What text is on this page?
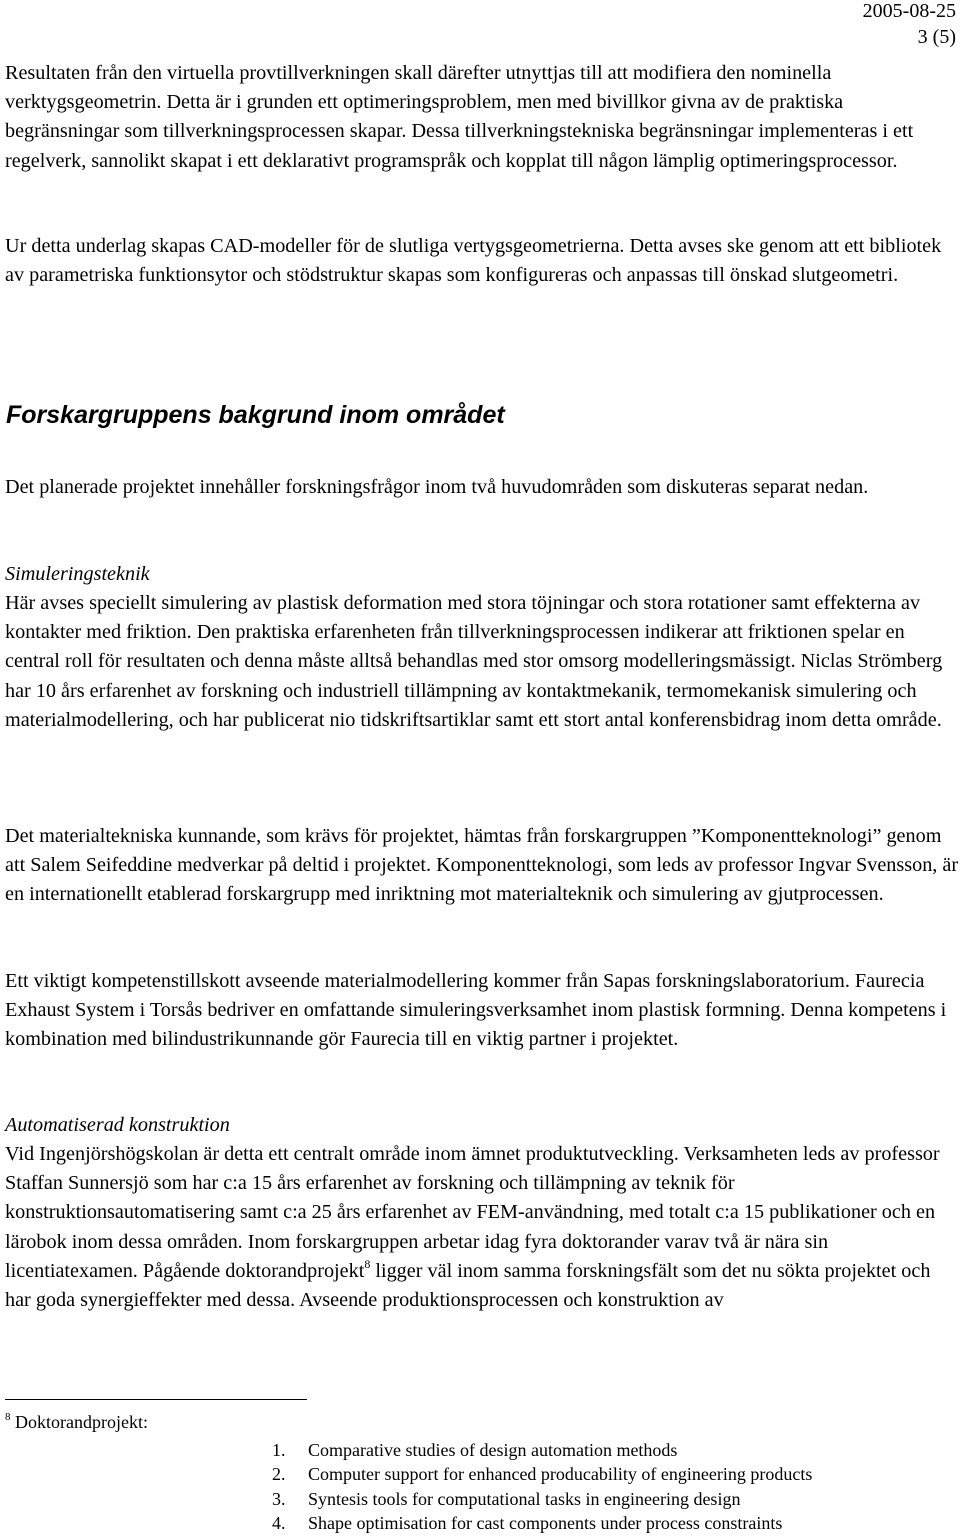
2005-08-25
3 (5)

Resultaten från den virtuella provtillverkningen skall därefter utnyttjas till att modifiera den nominella verktygsgeometrin. Detta är i grunden ett optimeringsproblem, men med bivillkor givna av de praktiska begränsningar som tillverkningsprocessen skapar. Dessa tillverkningstekniska begränsningar implementeras i ett regelverk, sannolikt skapat i ett deklarativt programspråk och kopplat till någon lämplig optimeringsprocessor.

Ur detta underlag skapas CAD-modeller för de slutliga vertygsgeometrierna. Detta avses ske genom att ett bibliotek av parametriska funktionsytor och stödstruktur skapas som konfigureras och anpassas till önskad slutgeometri.

Forskargruppens bakgrund inom området

Det planerade projektet innehåller forskningsfrågor inom två huvudområden som diskuteras separat nedan.

Simuleringsteknik

Här avses speciellt simulering av plastisk deformation med stora töjningar och stora rotationer samt effekterna av kontakter med friktion. Den praktiska erfarenheten från tillverkningsprocessen indikerar att friktionen spelar en central roll för resultaten och denna måste alltså behandlas med stor omsorg modelleringsmässigt. Niclas Strömberg har 10 års erfarenhet av forskning och industriell tillämpning av kontaktmekanik, termomekanisk simulering och materialmodellering, och har publicerat nio tidskriftsartiklar samt ett stort antal konferensbidrag inom detta område.

Det materialtekniska kunnande, som krävs för projektet, hämtas från forskargruppen ”Komponentteknologi” genom att Salem Seifeddine medverkar på deltid i projektet. Komponentteknologi, som leds av professor Ingvar Svensson, är en internationellt etablerad forskargrupp med inriktning mot materialteknik och simulering av gjutprocessen.

Ett viktigt kompetenstillskott avseende materialmodellering kommer från Sapas forskningslaboratorium. Faurecia Exhaust System i Torsås bedriver en omfattande simuleringsverksamhet inom plastisk formning. Denna kompetens i kombination med bilindustrikunnande gör Faurecia till en viktig partner i projektet.

Automatiserad konstruktion

Vid Ingenjörshögskolan är detta ett centralt område inom ämnet produktutveckling. Verksamheten leds av professor Staffan Sunnersjö som har c:a 15 års erfarenhet av forskning och tillämpning av teknik för konstruktionsautomatisering samt c:a 25 års erfarenhet av FEM-användning, med totalt c:a 15 publikationer och en lärobok inom dessa områden. Inom forskargruppen arbetar idag fyra doktorander varav två är nära sin licentiatexamen. Pågående doktorandprojekt$^8$ ligger väl inom samma forskningsfält som det nu sökta projektet och har goda synergieffekter med dessa. Avseende produktionsprocessen och konstruktion av

$^8$ Doktorandprojekt:

1. Comparative studies of design automation methods
2. Computer support for enhanced producability of engineering products
3. Syntesis tools for computational tasks in engineering design
4. Shape optimisation for cast components under process constraints
